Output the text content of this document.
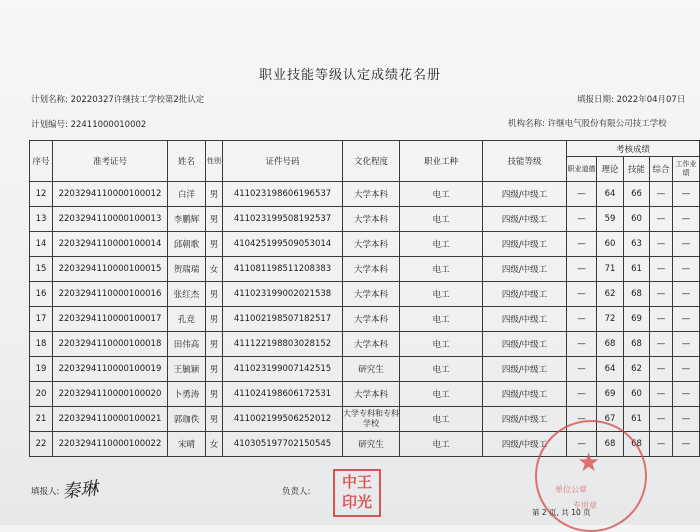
职业技能等级认定成绩花名册
计划名称: 20220327许继技工学校第2批认定	填报日期: 2022年04月07日
计划编号: 22411000010002	机构名称: 许继电气股份有限公司技工学校
序号	准考证号	姓名	性别	证件号码	文化程度	职业工种	技能等级	考核成绩				
								职业道德	理论	技能	综合	工作业绩
12	2203294110000100012	白洋	男	411023198606196537	大学本科	电工	四级/中级工	—	64	66	—	—
13	2203294110000100013	李鹏辉	男	411023199508192537	大学本科	电工	四级/中级工	—	59	60	—	—
14	2203294110000100014	邱朝歌	男	410425199509053014	大学本科	电工	四级/中级工	—	60	63	—	—
15	2203294110000100015	贺瑞瑞	女	411081198511208383	大学本科	电工	四级/中级工	—	71	61	—	—
16	2203294110000100016	张红杰	男	411023199002021538	大学本科	电工	四级/中级工	—	62	68	—	—
17	2203294110000100017	孔竞	男	411002198507182517	大学本科	电工	四级/中级工	—	72	69	—	—
18	2203294110000100018	田伟高	男	411122198803028152	大学本科	电工	四级/中级工	—	68	68	—	—
19	2203294110000100019	王毓颖	男	411023199007142515	研究生	电工	四级/中级工	—	64	62	—	—
20	2203294110000100020	卜勇涛	男	411024198606172531	大学本科	电工	四级/中级工	—	69	60	—	—
21	2203294110000100021	郭珈佚	男	411002199506252012	大学专科和专科学校	电工	四级/中级工	—	67	61	—	—
22	2203294110000100022	宋晴	女	410305197702150545	研究生	电工	四级/中级工	—	68	68	—	—
填报人: 秦琳	负责人:
中王印光
★
单位公章
专用章
第 2 页, 共 10 页
